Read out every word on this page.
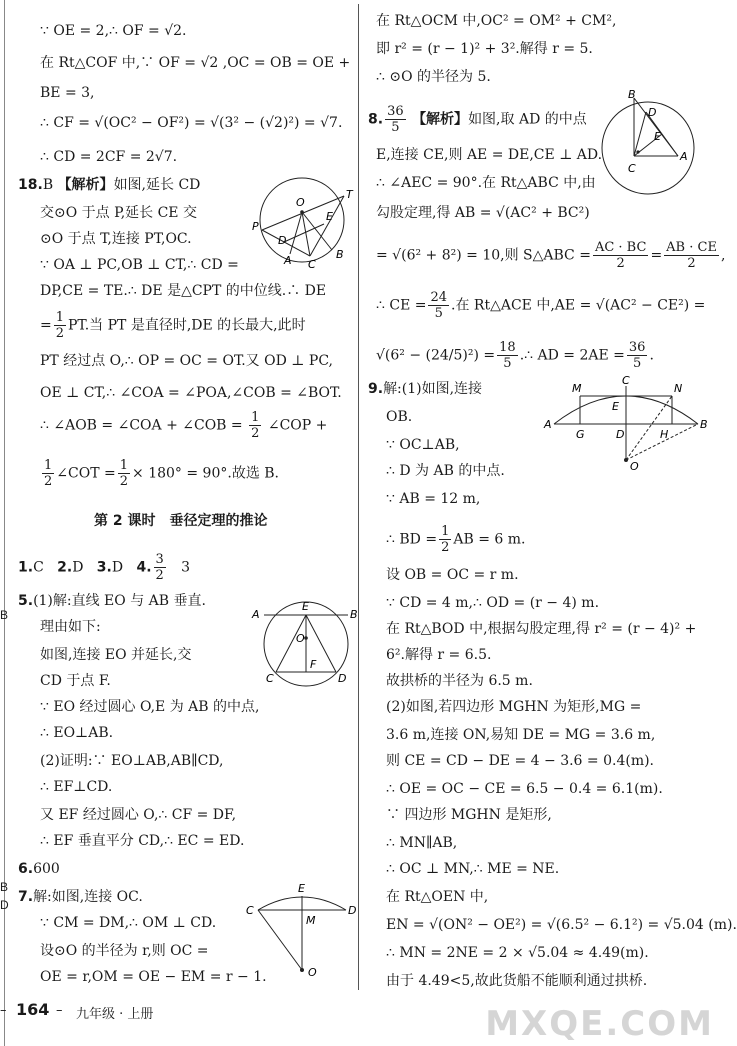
B
B
D
∵ OE = 2,∴ OF = √2.
在 Rt△COF 中,∵ OF = √2 ,OC = OB = OE +
BE = 3,
∴ CF = √(OC² − OF²) = √(3² − (√2)²) = √7.
∴ CD = 2CF = 2√7.
18.B 【解析】如图,延长 CD
交⊙O 于点 P,延长 CE 交
⊙O 于点 T,连接 PT,OC.
∵ OA ⊥ PC,OB ⊥ CT,∴ CD =
DP,CE = TE.∴ DE 是△CPT 的中位线.∴ DE
= $\frac{1}{2}$ PT.当 PT 是直径时,DE 的长最大,此时
PT 经过点 O,∴ OP = OC = OT.又 OD ⊥ PC,
OE ⊥ CT,∴ ∠COA = ∠POA,∠COB = ∠BOT.
∴ ∠AOB = ∠COA + ∠COB = $\frac{1}{2}$ ∠COP +
$\frac{1}{2}$ ∠COT = $\frac{1}{2} \times 180^\circ = 90^\circ$.故选 B.
O
T
P
E
D
A C
B
第 2 课时　垂径定理的推论
1.C 2.D 3.D 4. $\frac{3}{2} 3$
5.(1)解:直线 EO 与 AB 垂直.
理由如下:
如图,连接 EO 并延长,交
CD 于点 F.
∵ EO 经过圆心 O,E 为 AB 的中点,
∴ EO⊥AB.
(2)证明:∵ EO⊥AB,AB∥CD,
∴ EF⊥CD.
又 EF 经过圆心 O,∴ CF = DF,
∴ EF 垂直平分 CD,∴ EC = ED.
A	B
E
O
F
C	D
6.600
7.解:如图,连接 OC.
∵ CM = DM,∴ OM ⊥ CD.
设⊙O 的半径为 r,则 OC =
OE = r,OM = OE − EM = r − 1.
C	D
E
M
O
在 Rt△OCM 中,OC² = OM² + CM²,
即 r² = (r − 1)² + 3².解得 r = 5.
∴ ⊙O 的半径为 5.
8. $\frac{36}{5}$ 【解析】如图,取 AD 的中点
E,连接 CE,则 AE = DE,CE ⊥ AD.
∴ ∠AEC = 90°.在 Rt△ABC 中,由
勾股定理,得 AB = √(AC² + BC²)
= √(6² + 8²) = 10,则 S△ABC = $\frac{AC \cdot BC}{2} = \frac{AB \cdot CE}{2}$ ,
∴ CE = $\frac{24}{5}$ .在 Rt△ACE 中,AE = √(AC² − CE²) =
$√(6^2 - (24/5)^2) = \frac{18}{5}$ .∴ AD = $2AE = \frac{36}{5}$ .
B
D
E
A
C
9.解:(1)如图,连接
OB.
∵ OC⊥AB,
∴ D 为 AB 的中点.
∵ AB = 12 m,
∴ BD = $\frac{1}{2}$ AB = 6 m.
设 OB = OC = r m.
∵ CD = 4 m,∴ OD = (r − 4) m.
在 Rt△BOD 中,根据勾股定理,得 r² = (r − 4)² +
6².解得 r = 6.5.
故拱桥的半径为 6.5 m.
(2)如图,若四边形 MGHN 为矩形,MG =
3.6 m,连接 ON,易知 DE = MG = 3.6 m,
则 CE = CD − DE = 4 − 3.6 = 0.4(m).
∴ OE = OC − CE = 6.5 − 0.4 = 6.1(m).
∵ 四边形 MGHN 是矩形,
∴ MN∥AB,
∴ OC ⊥ MN,∴ ME = NE.
在 Rt△OEN 中,
EN = √(ON² − OE²) = √(6.5² − 6.1²) = √5.04 (m).
∴ MN = 2NE = 2 × √5.04 ≈ 4.49(m).
由于 4.49<5,故此货船不能顺利通过拱桥.
A	B
M
C
N
E
G	D	H
O
– 164 – 九年级 · 上册	MXQE.COM
